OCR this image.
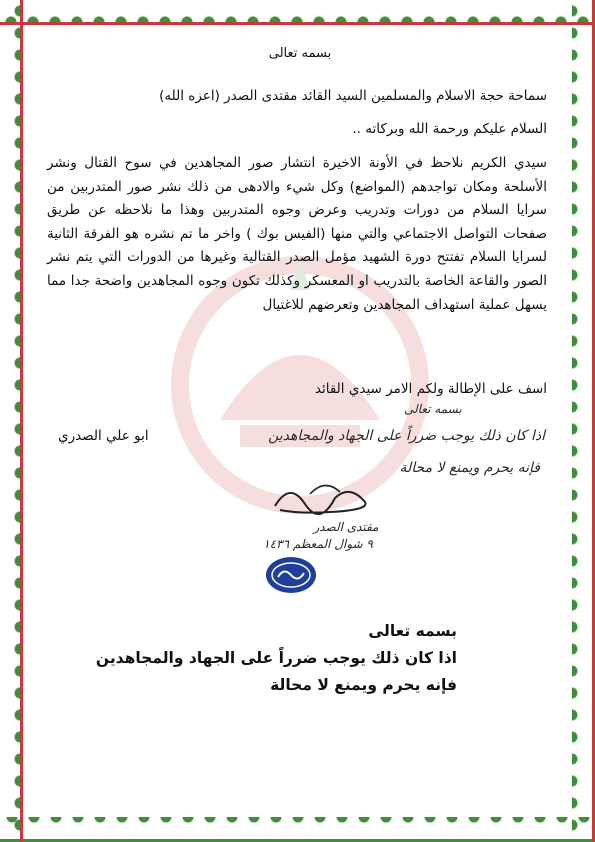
بسمه تعالى
سماحة حجة الاسلام والمسلمين السيد القائد مقتدى الصدر (اعزه الله)
السلام عليكم ورحمة الله وبركاته ..
سيدي الكريم نلاحظ في الأونة الاخيرة انتشار صور المجاهدين في سوح القتال ونشر الأسلحة ومكان تواجدهم (المواضع) وكل شيء والادهى من ذلك نشر صور المتدربين من سرايا السلام من دورات وتدريب وعرض وجوه المتدربين وهذا ما نلاحظه عن طريق صفحات التواصل الاجتماعي والتي منها (الفيس بوك ) واخر ما تم نشره هو الفرقة الثانية لسرايا السلام تفتتح دورة الشهيد مؤمل الصدر القتالية وغيرها من الدورات التي يتم نشر الصور والقاعة الخاصة بالتدريب او المعسكر وكذلك تكون وجوه المجاهدين واضحة جدا مما يسهل عملية استهداف المجاهدين وتعرضهم للاغتيال
اسف على الإطالة ولكم الامر سيدي القائد
ابو علي الصدري
بسمه تعالى
اذا كان ذلك يوجب ضرراً على الجهاد والمجاهدين
فإنه يحرم ويمنع لا محالة
مقتدى الصدر
٩ شوال المعظم ١٤٣٦
بسمه تعالى
اذا كان ذلك يوجب ضرراً على الجهاد والمجاهدين
فإنه يحرم ويمنع لا محالة
